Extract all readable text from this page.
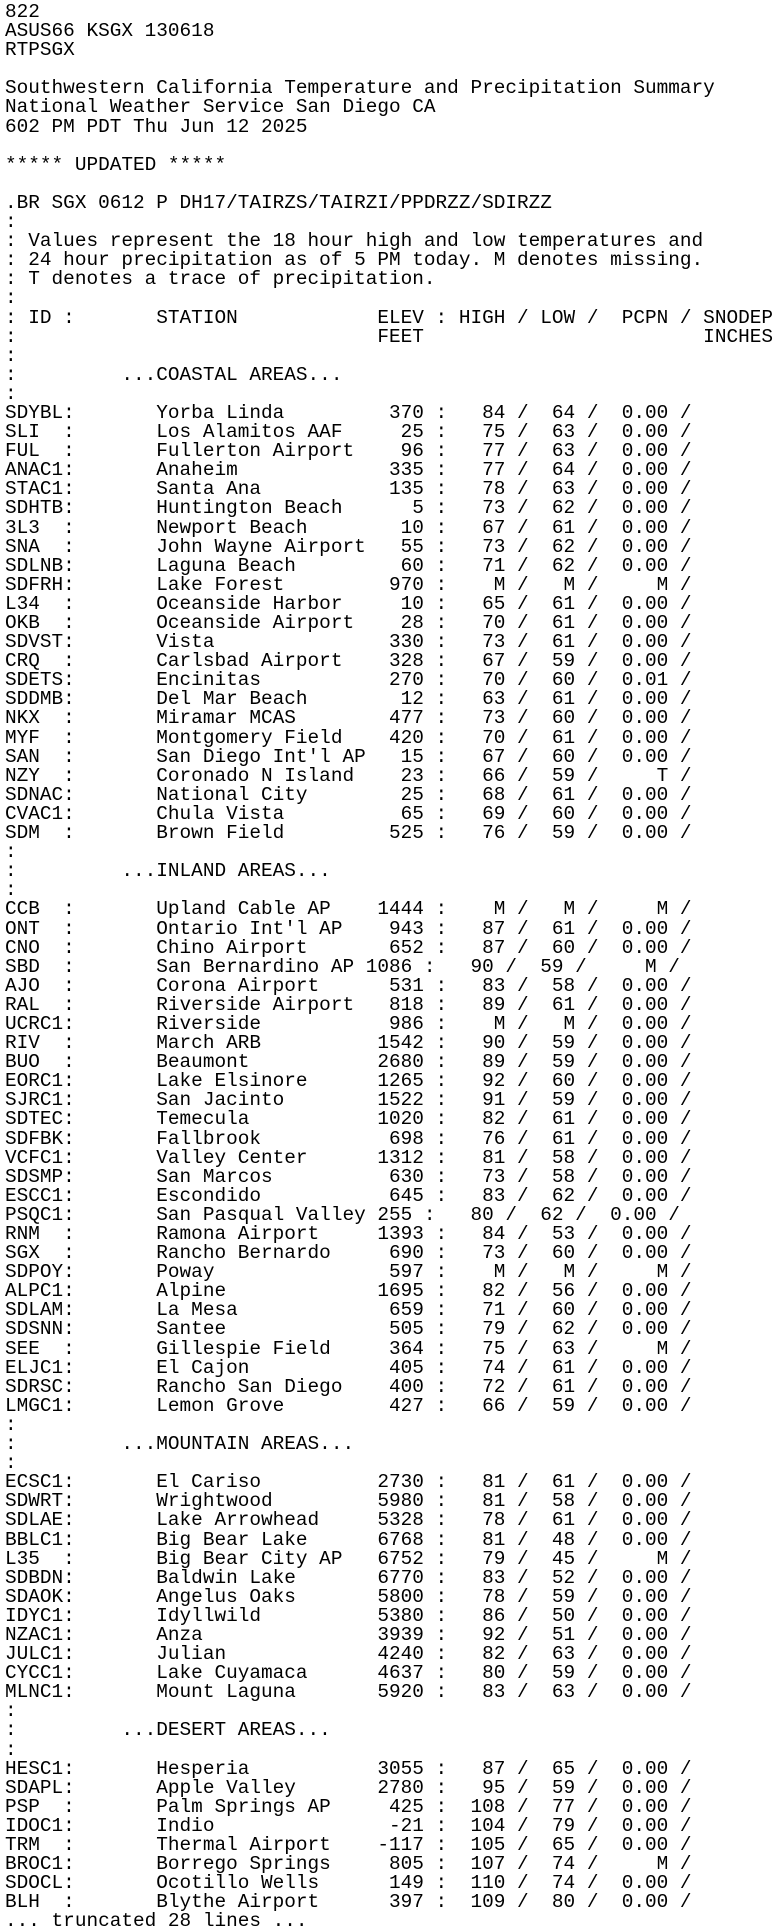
822
ASUS66 KSGX 130618
RTPSGX
Southwestern California Temperature and Precipitation Summary
National Weather Service San Diego CA
602 PM PDT Thu Jun 12 2025
***** UPDATED *****
.BR SGX 0612 P DH17/TAIRZS/TAIRZI/PPDRZZ/SDIRZZ
:
: Values represent the 18 hour high and low temperatures and
: 24 hour precipitation as of 5 PM today. M denotes missing.
: T denotes a trace of precipitation.
:
: ID :       STATION            ELEV : HIGH / LOW /  PCPN / SNODEP
:                               FEET                        INCHES
:
:         ...COASTAL AREAS...
:
SDYBL:       Yorba Linda         370 :   84 /  64 /  0.00 /
SLI  :       Los Alamitos AAF     25 :   75 /  63 /  0.00 /
FUL  :       Fullerton Airport    96 :   77 /  63 /  0.00 /
ANAC1:       Anaheim             335 :   77 /  64 /  0.00 /
STAC1:       Santa Ana           135 :   78 /  63 /  0.00 /
SDHTB:       Huntington Beach      5 :   73 /  62 /  0.00 /
3L3  :       Newport Beach        10 :   67 /  61 /  0.00 /
SNA  :       John Wayne Airport   55 :   73 /  62 /  0.00 /
SDLNB:       Laguna Beach         60 :   71 /  62 /  0.00 /
SDFRH:       Lake Forest         970 :    M /   M /     M /
L34  :       Oceanside Harbor     10 :   65 /  61 /  0.00 /
OKB  :       Oceanside Airport    28 :   70 /  61 /  0.00 /
SDVST:       Vista               330 :   73 /  61 /  0.00 /
CRQ  :       Carlsbad Airport    328 :   67 /  59 /  0.00 /
SDETS:       Encinitas           270 :   70 /  60 /  0.01 /
SDDMB:       Del Mar Beach        12 :   63 /  61 /  0.00 /
NKX  :       Miramar MCAS        477 :   73 /  60 /  0.00 /
MYF  :       Montgomery Field    420 :   70 /  61 /  0.00 /
SAN  :       San Diego Int'l AP   15 :   67 /  60 /  0.00 /
NZY  :       Coronado N Island    23 :   66 /  59 /     T /
SDNAC:       National City        25 :   68 /  61 /  0.00 /
CVAC1:       Chula Vista          65 :   69 /  60 /  0.00 /
SDM  :       Brown Field         525 :   76 /  59 /  0.00 /
:
:         ...INLAND AREAS...
:
CCB  :       Upland Cable AP    1444 :    M /   M /     M /
ONT  :       Ontario Int'l AP    943 :   87 /  61 /  0.00 /
CNO  :       Chino Airport       652 :   87 /  60 /  0.00 /
SBD  :       San Bernardino AP 1086 :   90 /  59 /     M /
AJO  :       Corona Airport      531 :   83 /  58 /  0.00 /
RAL  :       Riverside Airport   818 :   89 /  61 /  0.00 /
UCRC1:       Riverside           986 :    M /   M /  0.00 /
RIV  :       March ARB          1542 :   90 /  59 /  0.00 /
BUO  :       Beaumont           2680 :   89 /  59 /  0.00 /
EORC1:       Lake Elsinore      1265 :   92 /  60 /  0.00 /
SJRC1:       San Jacinto        1522 :   91 /  59 /  0.00 /
SDTEC:       Temecula           1020 :   82 /  61 /  0.00 /
SDFBK:       Fallbrook           698 :   76 /  61 /  0.00 /
VCFC1:       Valley Center      1312 :   81 /  58 /  0.00 /
SDSMP:       San Marcos          630 :   73 /  58 /  0.00 /
ESCC1:       Escondido           645 :   83 /  62 /  0.00 /
PSQC1:       San Pasqual Valley 255 :   80 /  62 /  0.00 /
RNM  :       Ramona Airport     1393 :   84 /  53 /  0.00 /
SGX  :       Rancho Bernardo     690 :   73 /  60 /  0.00 /
SDPOY:       Poway               597 :    M /   M /     M /
ALPC1:       Alpine             1695 :   82 /  56 /  0.00 /
SDLAM:       La Mesa             659 :   71 /  60 /  0.00 /
SDSNN:       Santee              505 :   79 /  62 /  0.00 /
SEE  :       Gillespie Field     364 :   75 /  63 /     M /
ELJC1:       El Cajon            405 :   74 /  61 /  0.00 /
SDRSC:       Rancho San Diego    400 :   72 /  61 /  0.00 /
LMGC1:       Lemon Grove         427 :   66 /  59 /  0.00 /
:
:         ...MOUNTAIN AREAS...
:
ECSC1:       El Cariso          2730 :   81 /  61 /  0.00 /
SDWRT:       Wrightwood         5980 :   81 /  58 /  0.00 /
SDLAE:       Lake Arrowhead     5328 :   78 /  61 /  0.00 /
BBLC1:       Big Bear Lake      6768 :   81 /  48 /  0.00 /
L35  :       Big Bear City AP   6752 :   79 /  45 /     M /
SDBDN:       Baldwin Lake       6770 :   83 /  52 /  0.00 /
SDAOK:       Angelus Oaks       5800 :   78 /  59 /  0.00 /
IDYC1:       Idyllwild          5380 :   86 /  50 /  0.00 /
NZAC1:       Anza               3939 :   92 /  51 /  0.00 /
JULC1:       Julian             4240 :   82 /  63 /  0.00 /
CYCC1:       Lake Cuyamaca      4637 :   80 /  59 /  0.00 /
MLNC1:       Mount Laguna       5920 :   83 /  63 /  0.00 /
:
:         ...DESERT AREAS...
:
HESC1:       Hesperia           3055 :   87 /  65 /  0.00 /
SDAPL:       Apple Valley       2780 :   95 /  59 /  0.00 /
PSP  :       Palm Springs AP     425 :  108 /  77 /  0.00 /
IDOC1:       Indio               -21 :  104 /  79 /  0.00 /
TRM  :       Thermal Airport    -117 :  105 /  65 /  0.00 /
BROC1:       Borrego Springs     805 :  107 /  74 /     M /
SDOCL:       Ocotillo Wells      149 :  110 /  74 /  0.00 /
BLH  :       Blythe Airport      397 :  109 /  80 /  0.00 /
... truncated 28 lines ...
